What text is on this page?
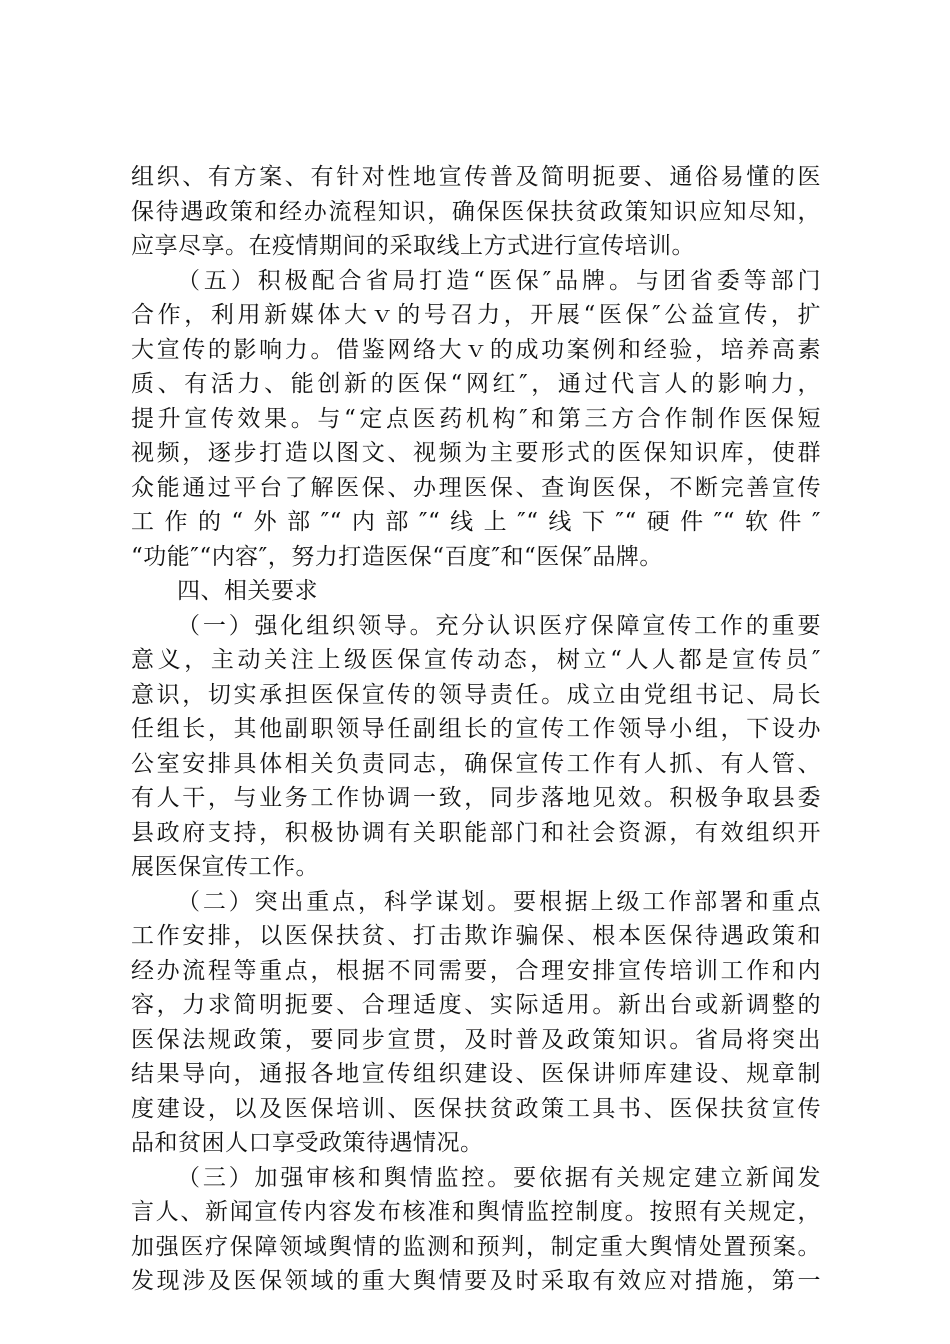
组织、有方案、有针对性地宣传普及简明扼要、通俗易懂的医
保待遇政策和经办流程知识，确保医保扶贫政策知识应知尽知，
应享尽享。在疫情期间的采取线上方式进行宣传培训。
（五）积极配合省局打造“医保″品牌。与团省委等部门
合作，利用新媒体大ｖ的号召力，开展“医保″公益宣传，扩
大宣传的影响力。借鉴网络大ｖ的成功案例和经验，培养高素
质、有活力、能创新的医保“网红″，通过代言人的影响力，
提升宣传效果。与“定点医药机构″和第三方合作制作医保短
视频，逐步打造以图文、视频为主要形式的医保知识库，使群
众能通过平台了解医保、办理医保、查询医保，不断完善宣传
工作的“外部″“内部″“线上″“线下″“硬件″“软件″
“功能″“内容″，努力打造医保“百度″和“医保″品牌。
四、相关要求
（一）强化组织领导。充分认识医疗保障宣传工作的重要
意义，主动关注上级医保宣传动态，树立“人人都是宣传员″
意识，切实承担医保宣传的领导责任。成立由党组书记、局长
任组长，其他副职领导任副组长的宣传工作领导小组，下设办
公室安排具体相关负责同志，确保宣传工作有人抓、有人管、
有人干，与业务工作协调一致，同步落地见效。积极争取县委
县政府支持，积极协调有关职能部门和社会资源，有效组织开
展医保宣传工作。
（二）突出重点，科学谋划。要根据上级工作部署和重点
工作安排，以医保扶贫、打击欺诈骗保、根本医保待遇政策和
经办流程等重点，根据不同需要，合理安排宣传培训工作和内
容，力求简明扼要、合理适度、实际适用。新出台或新调整的
医保法规政策，要同步宣贯，及时普及政策知识。省局将突出
结果导向，通报各地宣传组织建设、医保讲师库建设、规章制
度建设，以及医保培训、医保扶贫政策工具书、医保扶贫宣传
品和贫困人口享受政策待遇情况。
（三）加强审核和舆情监控。要依据有关规定建立新闻发
言人、新闻宣传内容发布核准和舆情监控制度。按照有关规定，
加强医疗保障领域舆情的监测和预判，制定重大舆情处置预案。
发现涉及医保领域的重大舆情要及时采取有效应对措施，第一
